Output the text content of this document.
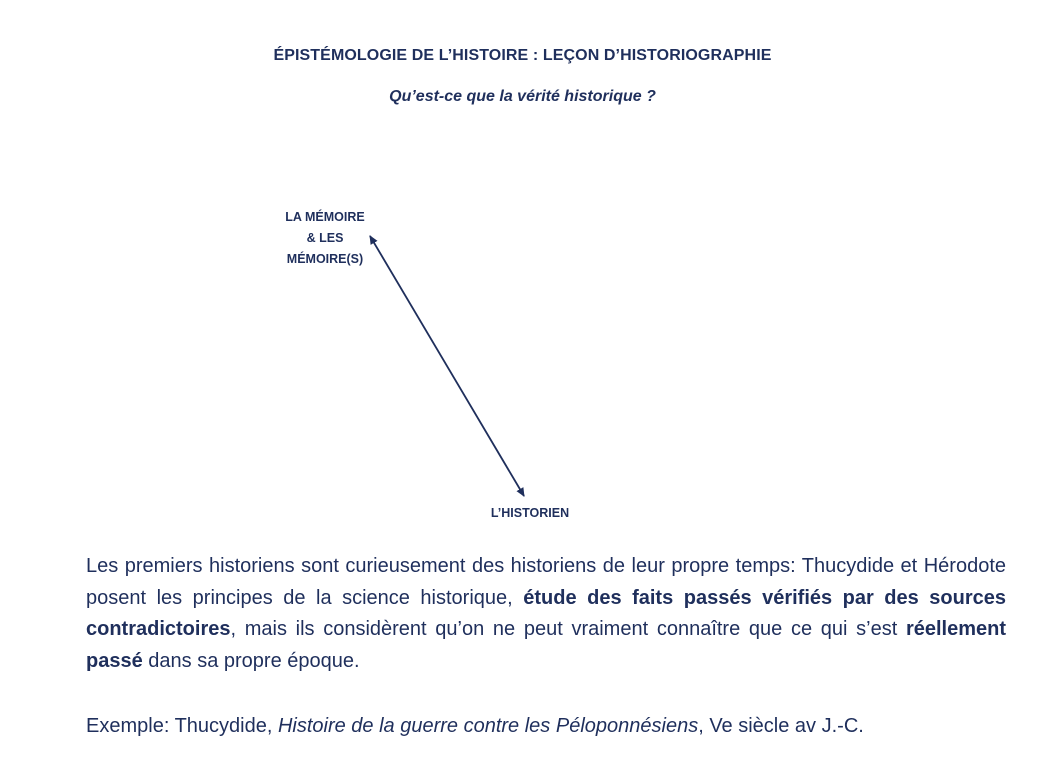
ÉPISTÉMOLOGIE DE L’HISTOIRE : LEÇON D’HISTORIOGRAPHIE
Qu’est-ce que la vérité historique ?
LA MÉMOIRE
& LES
MÉMOIRE(S)
L’HISTORIEN
Les premiers historiens sont curieusement des historiens de leur propre temps: Thucydide et Hérodote posent les principes de la science historique, étude des faits passés vérifiés par des sources contradictoires, mais ils considèrent qu’on ne peut vraiment connaître que ce qui s’est réellement passé dans sa propre époque.
Exemple: Thucydide, Histoire de la guerre contre les Péloponnésiens, Ve siècle av J.-C.
